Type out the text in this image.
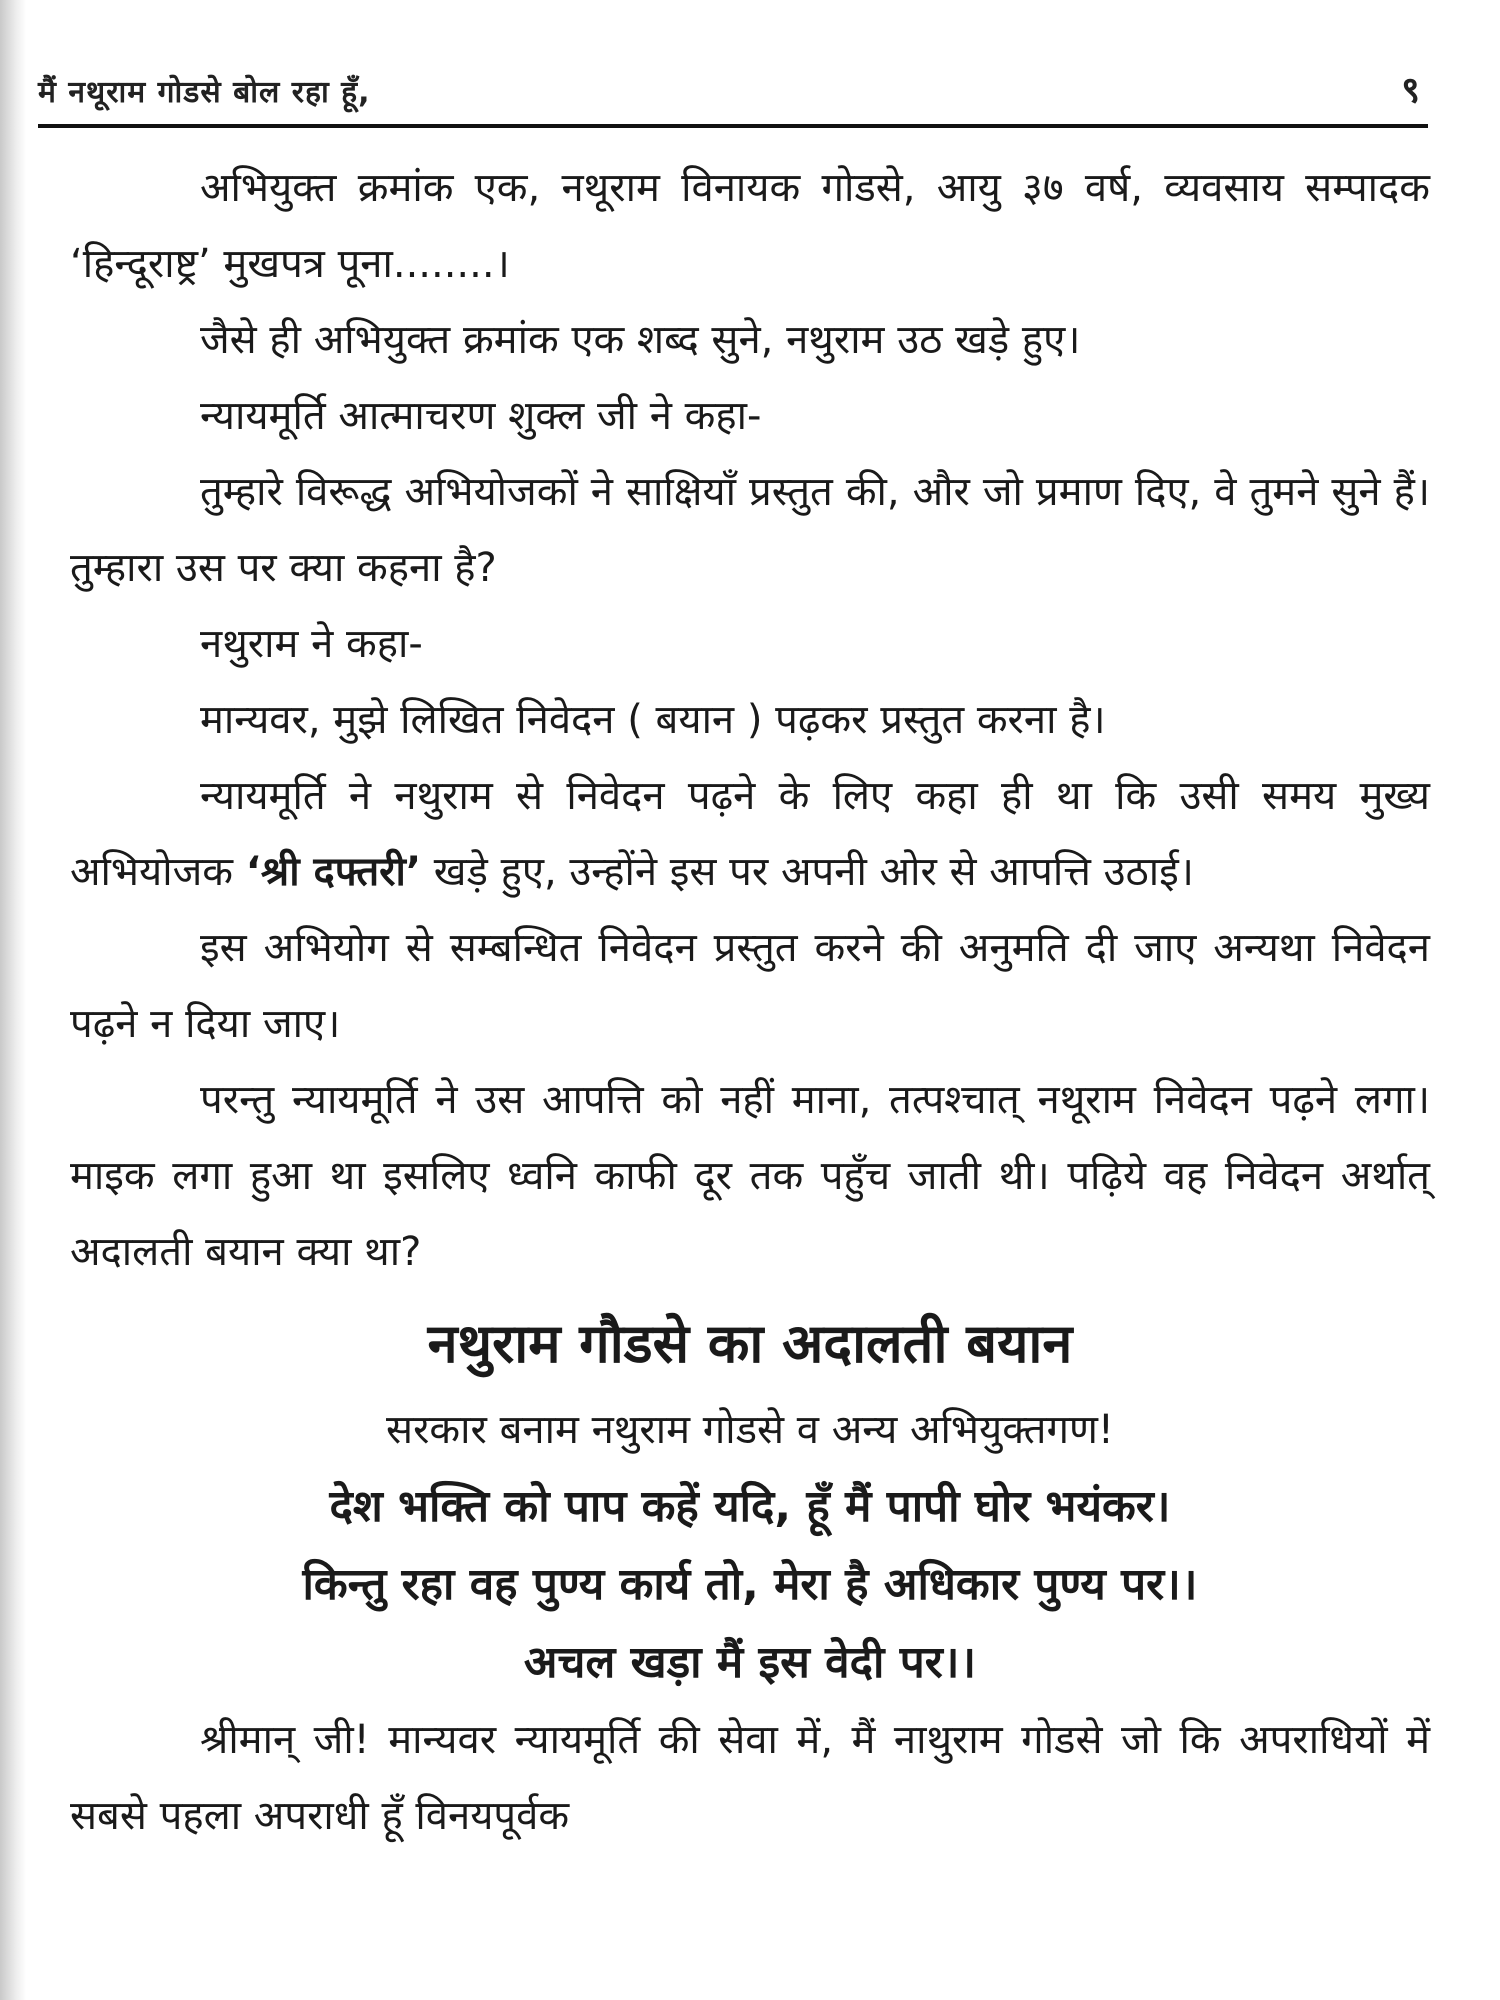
मैं नथूराम गोडसे बोल रहा हूँ,	९

अभियुक्त क्रमांक एक, नथूराम विनायक गोडसे, आयु ३७ वर्ष, व्यवसाय सम्पादक ‘हिन्दूराष्ट्र’ मुखपत्र पूना........।

जैसे ही अभियुक्त क्रमांक एक शब्द सुने, नथुराम उठ खड़े हुए।

न्यायमूर्ति आत्माचरण शुक्ल जी ने कहा-

तुम्हारे विरूद्ध अभियोजकों ने साक्षियाँ प्रस्तुत की, और जो प्रमाण दिए, वे तुमने सुने हैं। तुम्हारा उस पर क्या कहना है?

नथुराम ने कहा-

मान्यवर, मुझे लिखित निवेदन ( बयान ) पढ़कर प्रस्तुत करना है।

न्यायमूर्ति ने नथुराम से निवेदन पढ़ने के लिए कहा ही था कि उसी समय मुख्य अभियोजक ‘श्री दफ्तरी’ खड़े हुए, उन्होंने इस पर अपनी ओर से आपत्ति उठाई।

इस अभियोग से सम्बन्धित निवेदन प्रस्तुत करने की अनुमति दी जाए अन्यथा निवेदन पढ़ने न दिया जाए।

परन्तु न्यायमूर्ति ने उस आपत्ति को नहीं माना, तत्पश्चात् नथूराम निवेदन पढ़ने लगा। माइक लगा हुआ था इसलिए ध्वनि काफी दूर तक पहुँच जाती थी। पढ़िये वह निवेदन अर्थात् अदालती बयान क्या था?

नथुराम गौडसे का अदालती बयान

सरकार बनाम नथुराम गोडसे व अन्य अभियुक्तगण!

देश भक्ति को पाप कहें यदि, हूँ मैं पापी घोर भयंकर।

किन्तु रहा वह पुण्य कार्य तो, मेरा है अधिकार पुण्य पर।।

अचल खड़ा मैं इस वेदी पर।।

श्रीमान् जी! मान्यवर न्यायमूर्ति की सेवा में, मैं नाथुराम गोडसे जो कि अपराधियों में सबसे पहला अपराधी हूँ विनयपूर्वक
